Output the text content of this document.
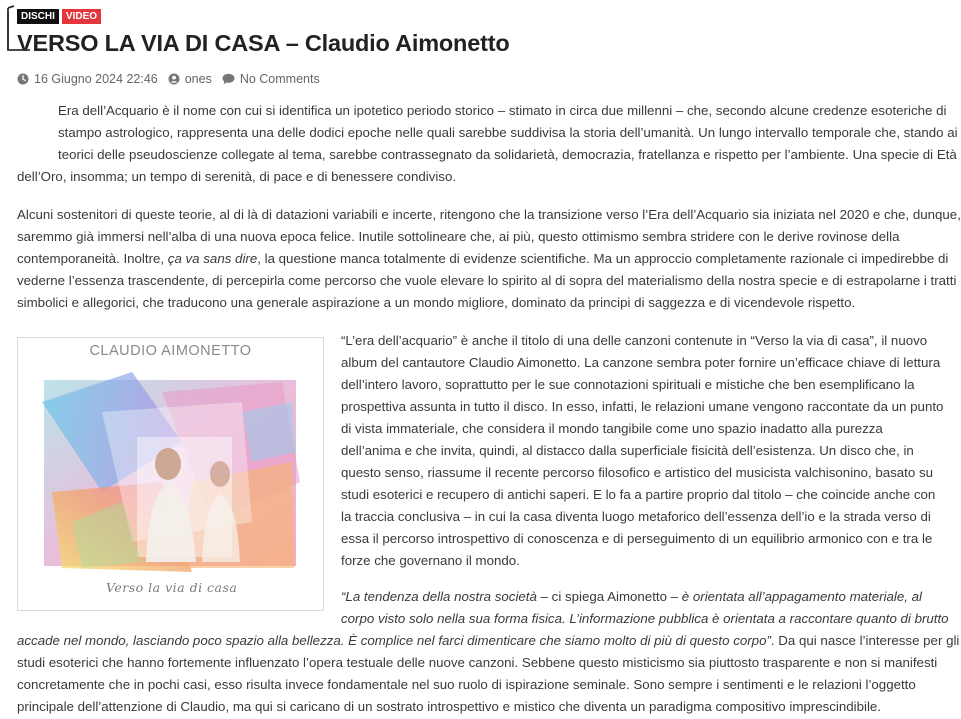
DISCHI	VIDEO
VERSO LA VIA DI CASA – Claudio Aimonetto
16 Giugno 2024 22:46 ones No Comments
Era dell’Acquario è il nome con cui si identifica un ipotetico periodo storico – stimato in circa due millenni – che, secondo alcune credenze esoteriche di
stampo astrologico, rappresenta una delle dodici epoche nelle quali sarebbe suddivisa la storia dell’umanità. Un lungo intervallo temporale che, stando ai
teorici delle pseudoscienze collegate al tema, sarebbe contrassegnato da solidarietà, democrazia, fratellanza e rispetto per l’ambiente. Una specie di Età
dell’Oro, insomma; un tempo di serenità, di pace e di benessere condiviso.
Alcuni sostenitori di queste teorie, al di là di datazioni variabili e incerte, ritengono che la transizione verso l’Era dell’Acquario sia iniziata nel 2020 e che, dunque,
saremmo già immersi nell’alba di una nuova epoca felice. Inutile sottolineare che, ai più, questo ottimismo sembra stridere con le derive rovinose della
contemporaneità. Inoltre, ça va sans dire, la questione manca totalmente di evidenze scientifiche. Ma un approccio completamente razionale ci impedirebbe di
vederne l’essenza trascendente, di percepirla come percorso che vuole elevare lo spirito al di sopra del materialismo della nostra specie e di estrapolarne i tratti
simbolici e allegorici, che traducono una generale aspirazione a un mondo migliore, dominato da principi di saggezza e di vicendevole rispetto.
CLAUDIO AIMONETTO
Verso la via di casa
“L’era dell’acquario” è anche il titolo di una delle canzoni contenute in “Verso la via di casa”, il nuovo
album del cantautore Claudio Aimonetto. La canzone sembra poter fornire un’efficace chiave di lettura
dell’intero lavoro, soprattutto per le sue connotazioni spirituali e mistiche che ben esemplificano la
prospettiva assunta in tutto il disco. In esso, infatti, le relazioni umane vengono raccontate da un punto
di vista immateriale, che considera il mondo tangibile come uno spazio inadatto alla purezza
dell’anima e che invita, quindi, al distacco dalla superficiale fisicità dell’esistenza. Un disco che, in
questo senso, riassume il recente percorso filosofico e artistico del musicista valchisonino, basato su
studi esoterici e recupero di antichi saperi. E lo fa a partire proprio dal titolo – che coincide anche con
la traccia conclusiva – in cui la casa diventa luogo metaforico dell’essenza dell’io e la strada verso di
essa il percorso introspettivo di conoscenza e di perseguimento di un equilibrio armonico con e tra le
forze che governano il mondo.
“La tendenza della nostra società – ci spiega Aimonetto – è orientata all’appagamento materiale, al
corpo visto solo nella sua forma fisica. L’informazione pubblica è orientata a raccontare quanto di brutto
accade nel mondo, lasciando poco spazio alla bellezza. È complice nel farci dimenticare che siamo molto di più di questo corpo”. Da qui nasce l’interesse per gli
studi esoterici che hanno fortemente influenzato l’opera testuale delle nuove canzoni. Sebbene questo misticismo sia piuttosto trasparente e non si manifesti
concretamente che in pochi casi, esso risulta invece fondamentale nel suo ruolo di ispirazione seminale. Sono sempre i sentimenti e le relazioni l’oggetto
principale dell’attenzione di Claudio, ma qui si caricano di un sostrato introspettivo e mistico che diventa un paradigma compositivo imprescindibile.
